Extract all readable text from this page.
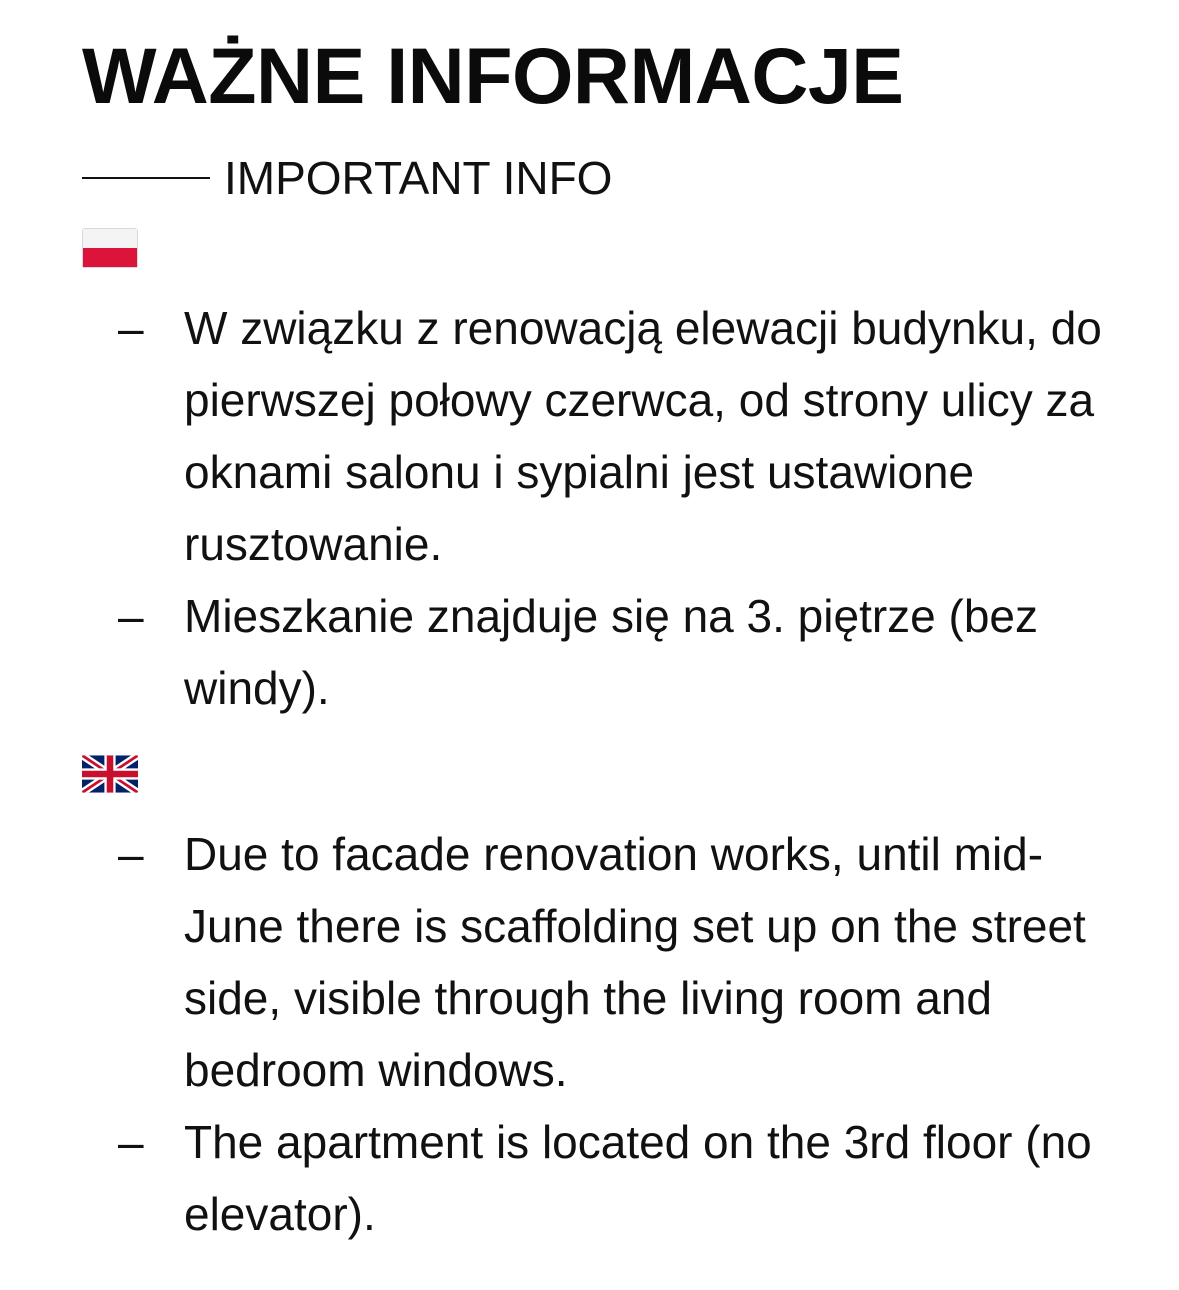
WAŻNE INFORMACJE
IMPORTANT INFO
– W związku z renowacją elewacji budynku, do pierwszej połowy czerwca, od strony ulicy za oknami salonu i sypialni jest ustawione rusztowanie.
– Mieszkanie znajduje się na 3. piętrze (bez windy).
– Due to facade renovation works, until mid-June there is scaffolding set up on the street side, visible through the living room and bedroom windows.
– The apartment is located on the 3rd floor (no elevator).
